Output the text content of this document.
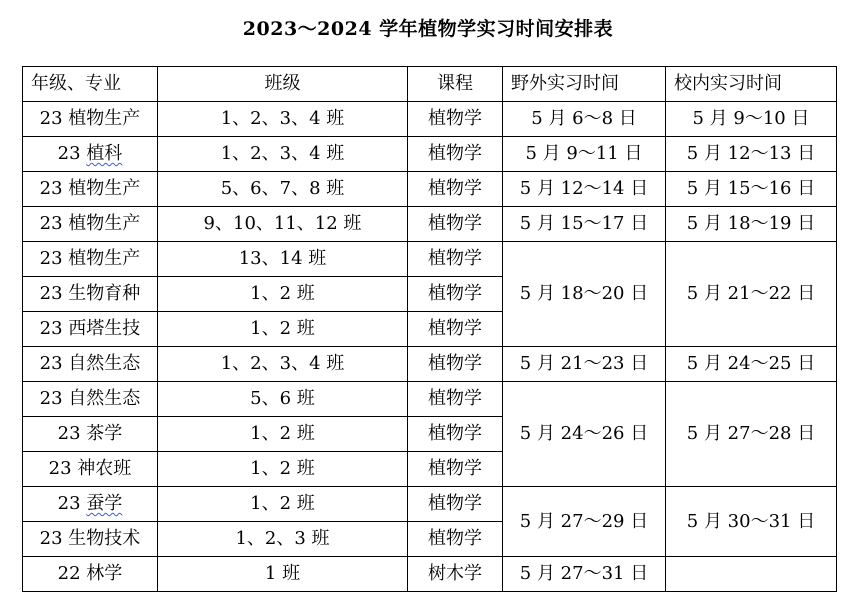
2023～2024 学年植物学实习时间安排表
年级、专业	班级	课程	野外实习时间	校内实习时间
23 植物生产	1、2、3、4 班	植物学	5 月 6～8 日	5 月 9～10 日
23 植科	1、2、3、4 班	植物学	5 月 9～11 日	5 月 12～13 日
23 植物生产	5、6、7、8 班	植物学	5 月 12～14 日	5 月 15～16 日
23 植物生产	9、10、11、12 班	植物学	5 月 15～17 日	5 月 18～19 日
23 植物生产	13、14 班	植物学	5 月 18～20 日	5 月 21～22 日
23 生物育种	1、2 班	植物学		
23 西塔生技	1、2 班	植物学		
23 自然生态	1、2、3、4 班	植物学	5 月 21～23 日	5 月 24～25 日
23 自然生态	5、6 班	植物学	5 月 24～26 日	5 月 27～28 日
23 茶学	1、2 班	植物学		
23 神农班	1、2 班	植物学		
23 蚕学	1、2 班	植物学	5 月 27～29 日	5 月 30～31 日
23 生物技术	1、2、3 班	植物学		
22 林学	1 班	树木学	5 月 27～31 日	
